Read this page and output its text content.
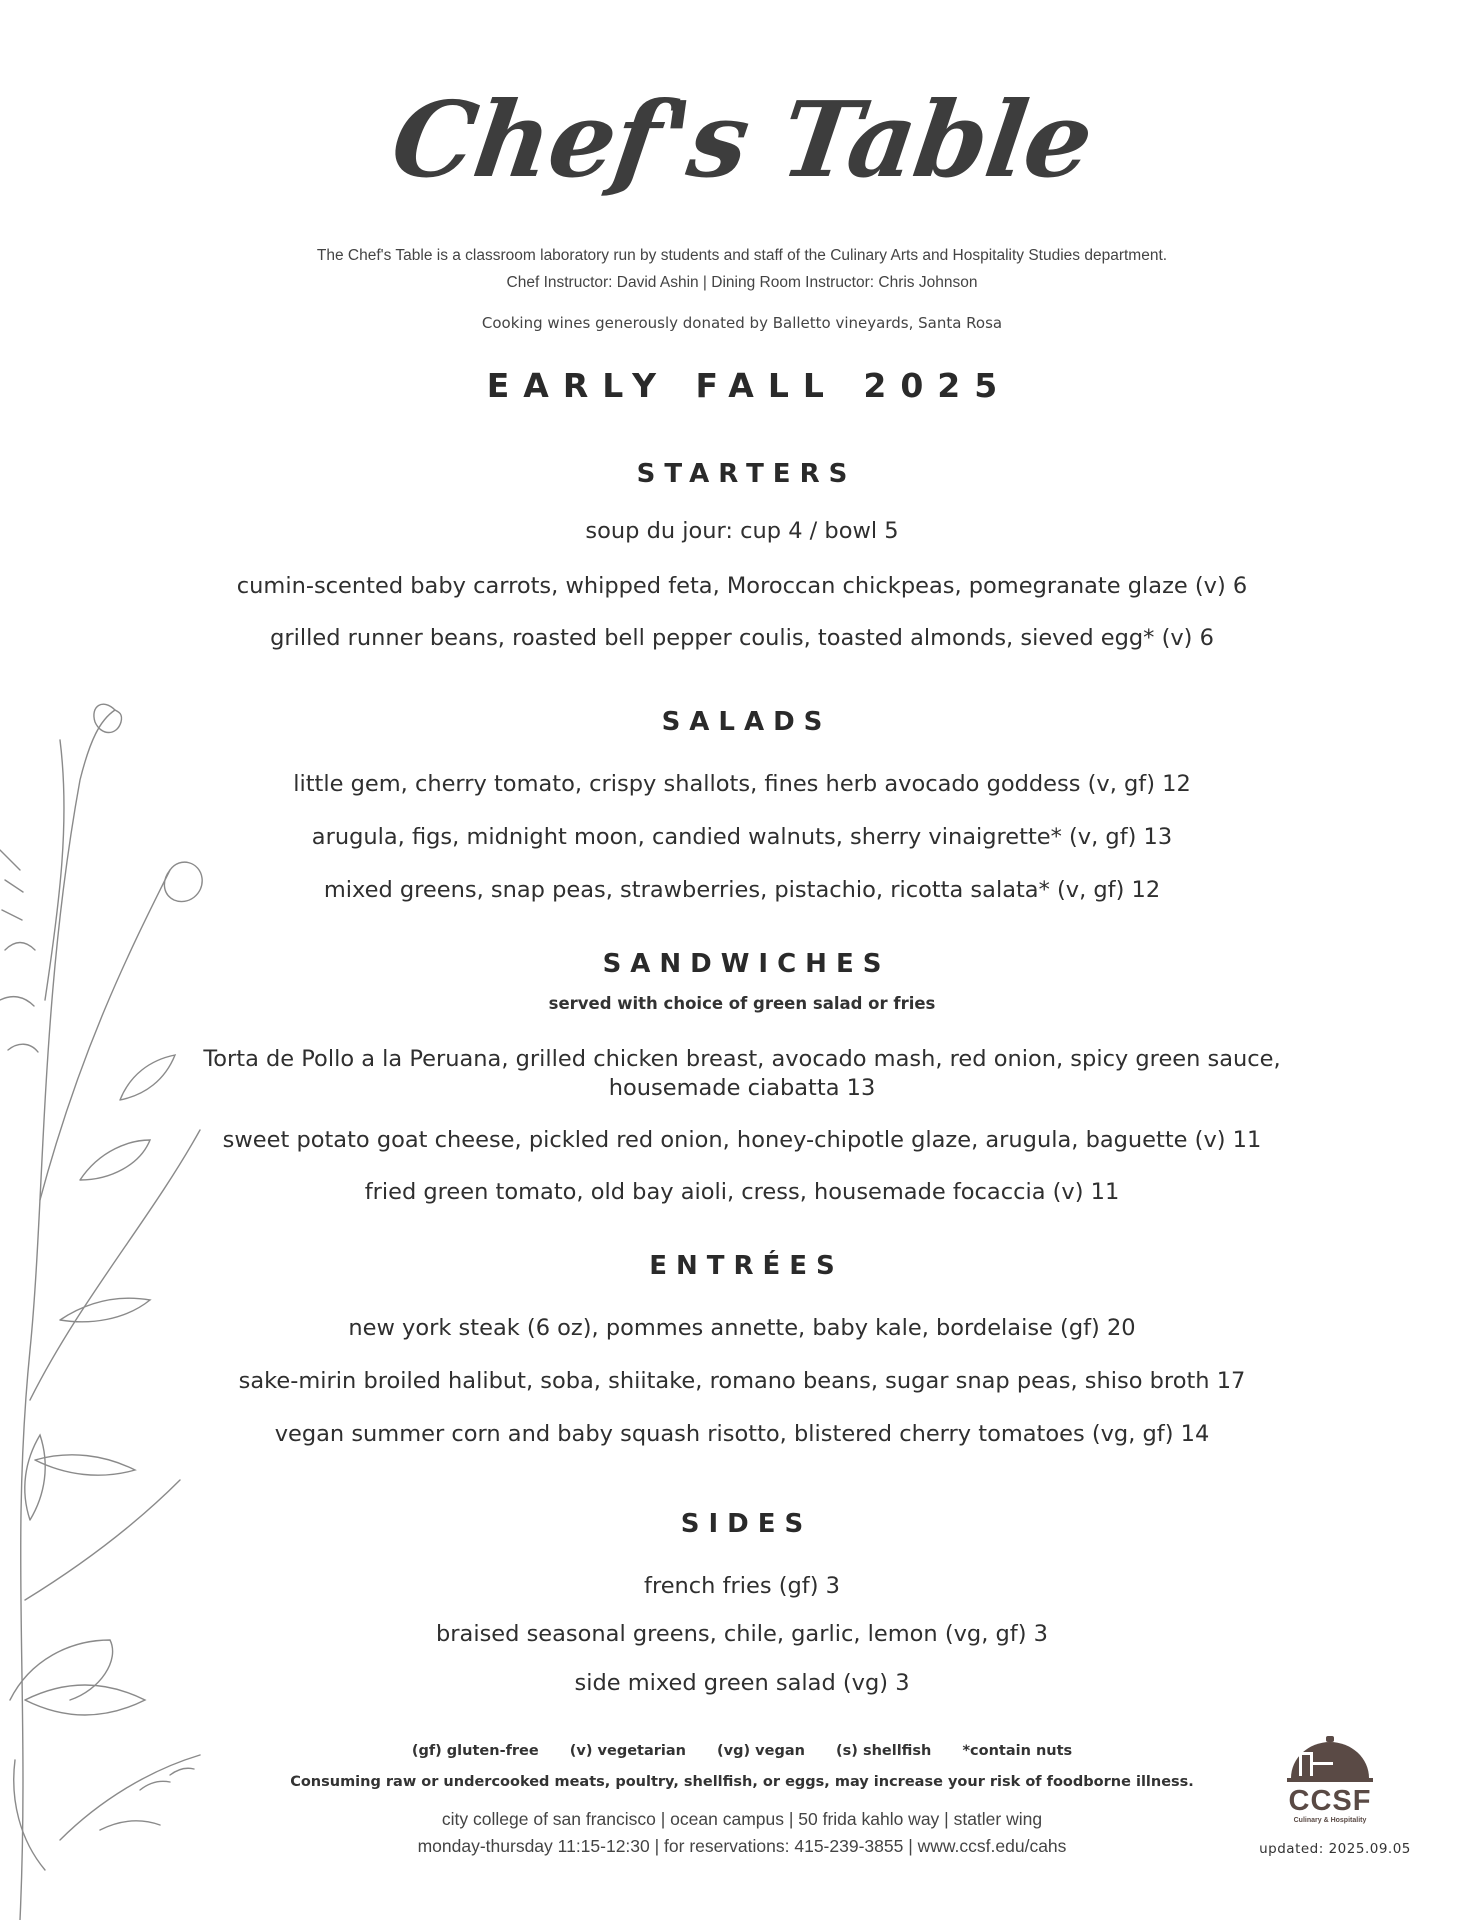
Chef's Table
The Chef's Table is a classroom laboratory run by students and staff of the Culinary Arts and Hospitality Studies department.
Chef Instructor: David Ashin | Dining Room Instructor: Chris Johnson
Cooking wines generously donated by Balletto vineyards, Santa Rosa
EARLY FALL 2025
STARTERS
soup du jour: cup 4 / bowl 5
cumin-scented baby carrots, whipped feta, Moroccan chickpeas, pomegranate glaze (v) 6
grilled runner beans, roasted bell pepper coulis, toasted almonds, sieved egg* (v) 6
SALADS
little gem, cherry tomato, crispy shallots, fines herb avocado goddess (v, gf) 12
arugula, figs, midnight moon, candied walnuts, sherry vinaigrette* (v, gf) 13
mixed greens, snap peas, strawberries, pistachio, ricotta salata* (v, gf) 12
SANDWICHES
served with choice of green salad or fries
Torta de Pollo a la Peruana, grilled chicken breast, avocado mash, red onion, spicy green sauce, housemade ciabatta 13
sweet potato goat cheese, pickled red onion, honey-chipotle glaze, arugula, baguette (v) 11
fried green tomato, old bay aioli, cress, housemade focaccia (v) 11
ENTRÉES
new york steak (6 oz), pommes annette, baby kale, bordelaise (gf) 20
sake-mirin broiled halibut, soba, shiitake, romano beans, sugar snap peas, shiso broth 17
vegan summer corn and baby squash risotto, blistered cherry tomatoes (vg, gf) 14
SIDES
french fries (gf) 3
braised seasonal greens, chile, garlic, lemon (vg, gf) 3
side mixed green salad (vg) 3
(gf) gluten-free (v) vegetarian (vg) vegan (s) shellfish *contain nuts
Consuming raw or undercooked meats, poultry, shellfish, or eggs, may increase your risk of foodborne illness.
city college of san francisco | ocean campus | 50 frida kahlo way | statler wing
monday-thursday 11:15-12:30 | for reservations: 415-239-3855 | www.ccsf.edu/cahs
CCSF
Culinary & Hospitality
updated: 2025.09.05
